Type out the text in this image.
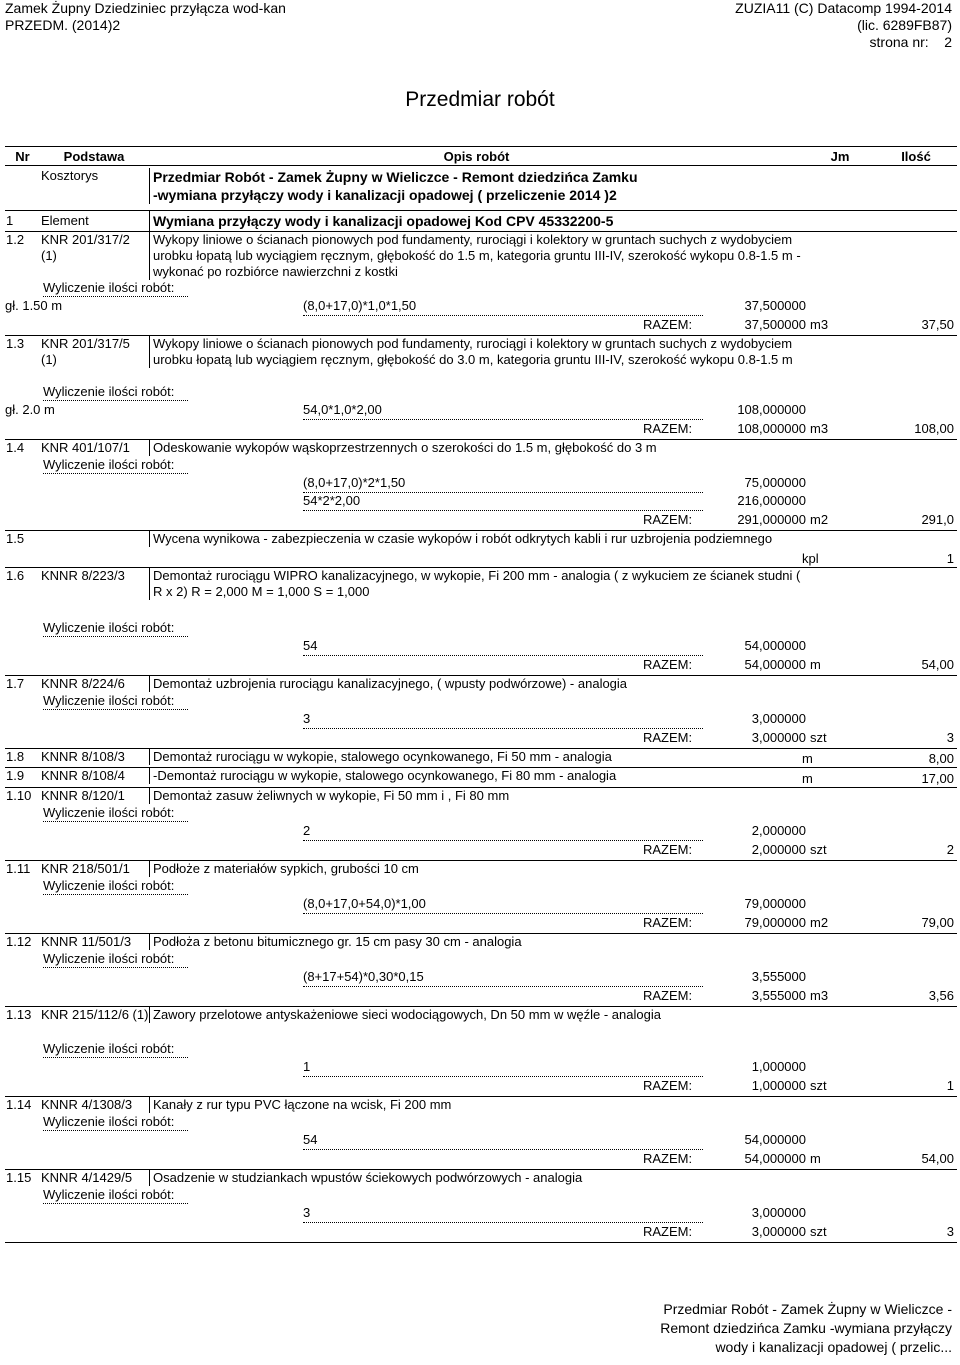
Zamek Żupny Dziedziniec przyłącza wod-kan
PRZEDM. (2014)2
ZUZIA11 (C) Datacomp 1994-2014
(lic. 6289FB87)
strona nr:    2
Przedmiar robót
Nr	Podstawa	Opis robót	Jm	Ilość
Kosztorys	Przedmiar Robót - Zamek Żupny w Wieliczce - Remont dziedzińca Zamku
-wymiana przyłączy wody i kanalizacji opadowej ( przeliczenie 2014 )2
1	Element	Wymiana przyłączy wody i kanalizacji opadowej Kod CPV 45332200-5
1.2	KNR 201/317/2 (1)
Wykopy liniowe o ścianach pionowych pod fundamenty, rurociągi i kolektory w gruntach suchych z wydobyciem urobku łopatą lub wyciągiem ręcznym, głębokość do 1.5 m, kategoria gruntu III-IV, szerokość wykopu 0.8-1.5 m - wykonać po rozbiórce nawierzchni z kostki
Wyliczenie ilości robót:
gł. 1.50 m	(8,0+17,0)*1,0*1,50	37,500000
RAZEM:	37,500000 m3	37,50
1.3	KNR 201/317/5 (1)
Wykopy liniowe o ścianach pionowych pod fundamenty, rurociągi i kolektory w gruntach suchych z wydobyciem urobku łopatą lub wyciągiem ręcznym, głębokość do 3.0 m, kategoria gruntu III-IV, szerokość wykopu 0.8-1.5 m
Wyliczenie ilości robót:
gł. 2.0 m	54,0*1,0*2,00	108,000000
RAZEM:	108,000000 m3	108,00
1.4	KNR 401/107/1	Odeskowanie wykopów wąskoprzestrzennych o szerokości do 1.5 m, głębokość do 3 m
Wyliczenie ilości robót:
(8,0+17,0)*2*1,50	75,000000
54*2*2,00	216,000000
RAZEM:	291,000000 m2	291,0
1.5	Wycena wynikowa - zabezpieczenia w czasie wykopów i robót odkrytych kabli i rur uzbrojenia podziemnego
kpl	1
1.6	KNNR 8/223/3	Demontaż rurociągu WIPRO kanalizacyjnego, w wykopie, Fi 200 mm - analogia ( z wykuciem ze ścianek studni ( R x 2) R = 2,000 M = 1,000 S = 1,000
Wyliczenie ilości robót:
54	54,000000
RAZEM:	54,000000 m	54,00
1.7	KNNR 8/224/6	Demontaż uzbrojenia rurociągu kanalizacyjnego, ( wpusty podwórzowe) - analogia
Wyliczenie ilości robót:
3	3,000000
RAZEM:	3,000000 szt	3
1.8	KNNR 8/108/3	Demontaż rurociągu w wykopie, stalowego ocynkowanego, Fi 50 mm - analogia	m	8,00
1.9	KNNR 8/108/4	-Demontaż rurociągu w wykopie, stalowego ocynkowanego, Fi 80 mm - analogia	m	17,00
1.10 KNNR 8/120/1	Demontaż zasuw żeliwnych w wykopie, Fi 50 mm i , Fi 80 mm
Wyliczenie ilości robót:
2	2,000000
RAZEM:	2,000000 szt	2
1.11 KNR 218/501/1	Podłoże z materiałów sypkich, grubości 10 cm
Wyliczenie ilości robót:
(8,0+17,0+54,0)*1,00	79,000000
RAZEM:	79,000000 m2	79,00
1.12 KNNR 11/501/3	Podłoża z betonu bitumicznego gr. 15 cm pasy 30 cm - analogia
Wyliczenie ilości robót:
(8+17+54)*0,30*0,15	3,555000
RAZEM:	3,555000 m3	3,56
1.13 KNR 215/112/6 (1) Zawory przelotowe antyskażeniowe sieci wodociągowych, Dn 50 mm w węźle - analogia
Wyliczenie ilości robót:
1	1,000000
RAZEM:	1,000000 szt	1
1.14 KNNR 4/1308/3	Kanały z rur typu PVC łączone na wcisk, Fi 200 mm
Wyliczenie ilości robót:
54	54,000000
RAZEM:	54,000000 m	54,00
1.15 KNNR 4/1429/5	Osadzenie w studziankach wpustów ściekowych podwórzowych - analogia
Wyliczenie ilości robót:
3	3,000000
RAZEM:	3,000000 szt	3
Przedmiar Robót - Zamek Żupny w Wieliczce -
Remont dziedzińca Zamku -wymiana przyłączy
wody i kanalizacji opadowej ( przelic...
